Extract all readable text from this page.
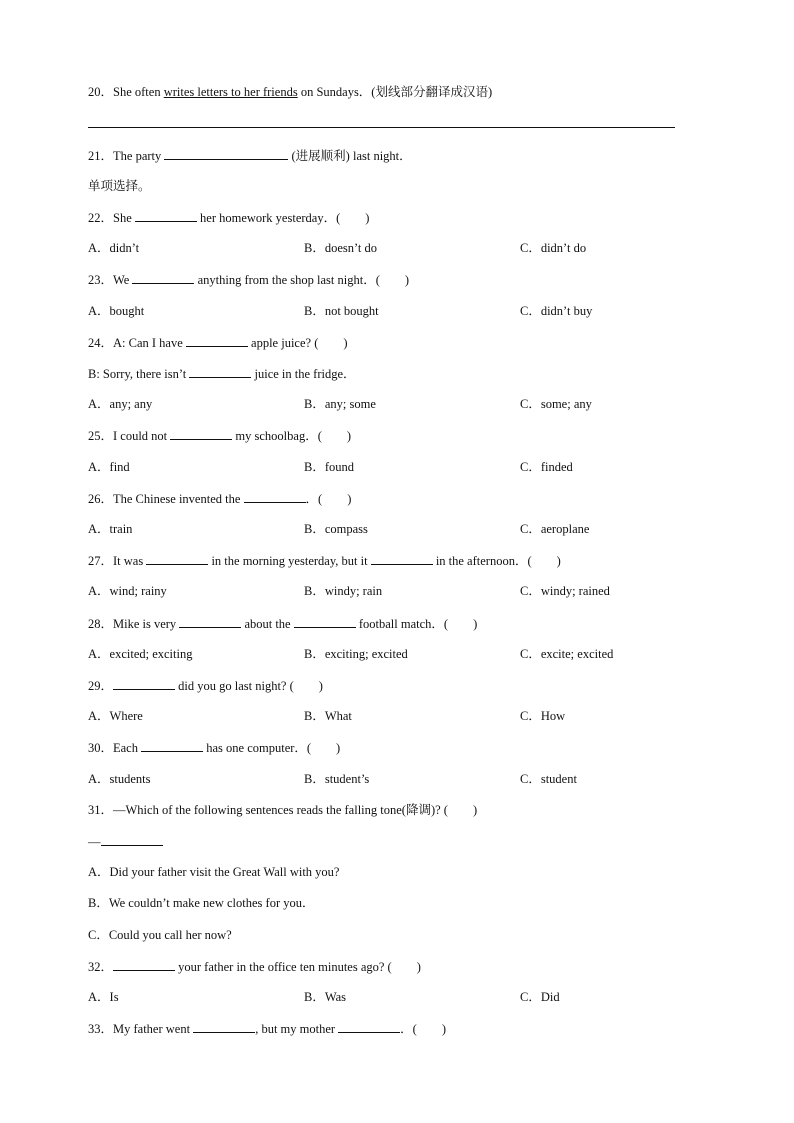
20．She often writes letters to her friends on Sundays．(划线部分翻译成汉语)
21．The party	(进展顺利) last night．
单项选择。
22．She	her homework yesterday．(　　)
A．didn’t	B．doesn’t do	C．didn’t do
23．We	anything from the shop last night．(　　)
A．bought	B．not bought	C．didn’t buy
24．A: Can I have	apple juice? (　　)
B: Sorry, there isn’t	juice in the fridge．
A．any; any	B．any; some	C．some; any
25．I could not	my schoolbag．(　　)
A．find	B．found	C．finded
26．The Chinese invented the	．(　　)
A．train	B．compass	C．aeroplane
27．It was	in the morning yesterday, but it	in the afternoon．(　　)
A．wind; rainy	B．windy; rain	C．windy; rained
28．Mike is very	about the	football match．(　　)
A．excited; exciting	B．exciting; excited	C．excite; excited
29．	did you go last night? (　　)
A．Where	B．What	C．How
30．Each	has one computer．(　　)
A．students	B．student’s	C．student
31．—Which of the following sentences reads the falling tone(降调)? (　　)
—
A．Did your father visit the Great Wall with you?
B．We couldn’t make new clothes for you．
C．Could you call her now?
32．	your father in the office ten minutes ago? (　　)
A．Is	B．Was	C．Did
33．My father went	, but my mother	．(　　)
